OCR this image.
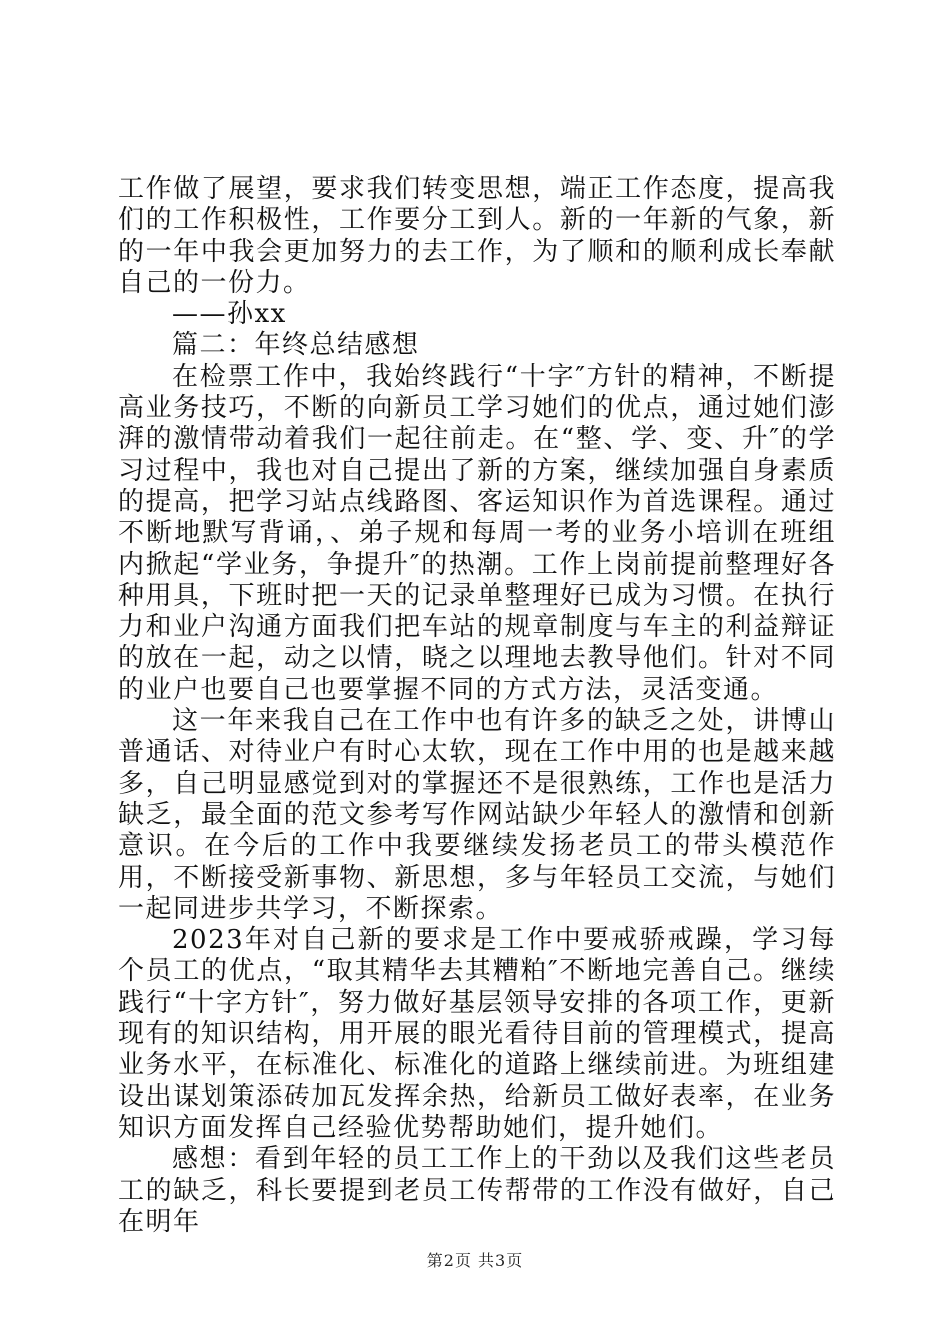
工作做了展望，要求我们转变思想，端正工作态度，提高我们的工作积极性，工作要分工到人。新的一年新的气象，新的一年中我会更加努力的去工作，为了顺和的顺利成长奉献自己的一份力。

——孙xx

篇二：年终总结感想

在检票工作中，我始终践行“十字″方针的精神，不断提高业务技巧，不断的向新员工学习她们的优点，通过她们澎湃的激情带动着我们一起往前走。在“整、学、变、升″的学习过程中，我也对自己提出了新的方案，继续加强自身素质的提高，把学习站点线路图、客运知识作为首选课程。通过不断地默写背诵，、弟子规和每周一考的业务小培训在班组内掀起“学业务，争提升″的热潮。工作上岗前提前整理好各种用具，下班时把一天的记录单整理好已成为习惯。在执行力和业户沟通方面我们把车站的规章制度与车主的利益辩证的放在一起，动之以情，晓之以理地去教导他们。针对不同的业户也要自己也要掌握不同的方式方法，灵活变通。

这一年来我自己在工作中也有许多的缺乏之处，讲博山普通话、对待业户有时心太软，现在工作中用的也是越来越多，自己明显感觉到对的掌握还不是很熟练，工作也是活力缺乏，最全面的范文参考写作网站缺少年轻人的激情和创新意识。在今后的工作中我要继续发扬老员工的带头模范作用，不断接受新事物、新思想，多与年轻员工交流，与她们一起同进步共学习，不断探索。

2023年对自己新的要求是工作中要戒骄戒躁，学习每个员工的优点，“取其精华去其糟粕″不断地完善自己。继续践行“十字方针″，努力做好基层领导安排的各项工作，更新现有的知识结构，用开展的眼光看待目前的管理模式，提高业务水平，在标准化、标准化的道路上继续前进。为班组建设出谋划策添砖加瓦发挥余热，给新员工做好表率，在业务知识方面发挥自己经验优势帮助她们，提升她们。

感想：看到年轻的员工工作上的干劲以及我们这些老员工的缺乏，科长要提到老员工传帮带的工作没有做好，自己在明年

第2页 共3页
